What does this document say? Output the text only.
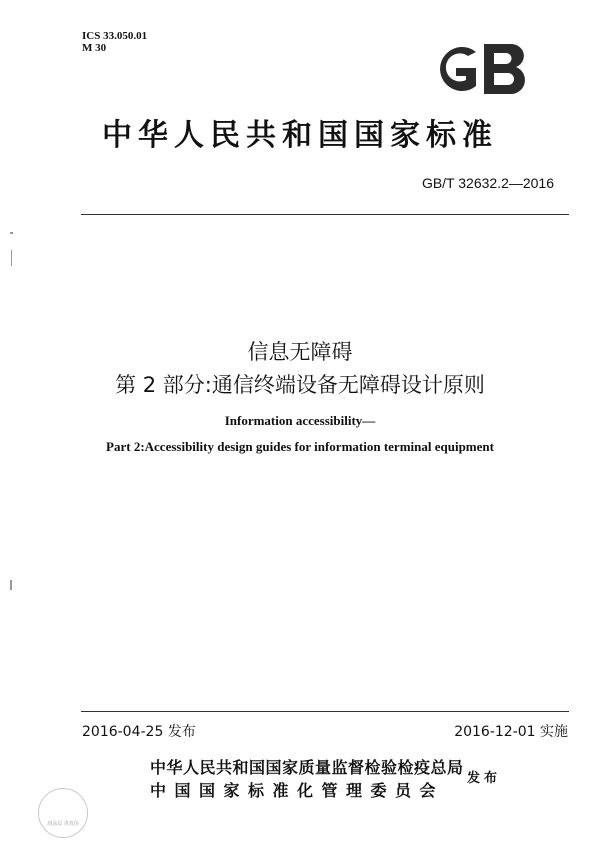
ICS 33.050.01
M 30
中华人民共和国国家标准
GB/T 32632.2—2016
信息无障碍
第 2 部分:通信终端设备无障碍设计原则
Information accessibility—
Part 2:Accessibility design guides for information terminal equipment
2016-04-25 发布	2016-12-01 实施
中华人民共和国国家质量监督检验检疫总局
中国国家标准化管理委员会
发布
刮涂层 查真伪
